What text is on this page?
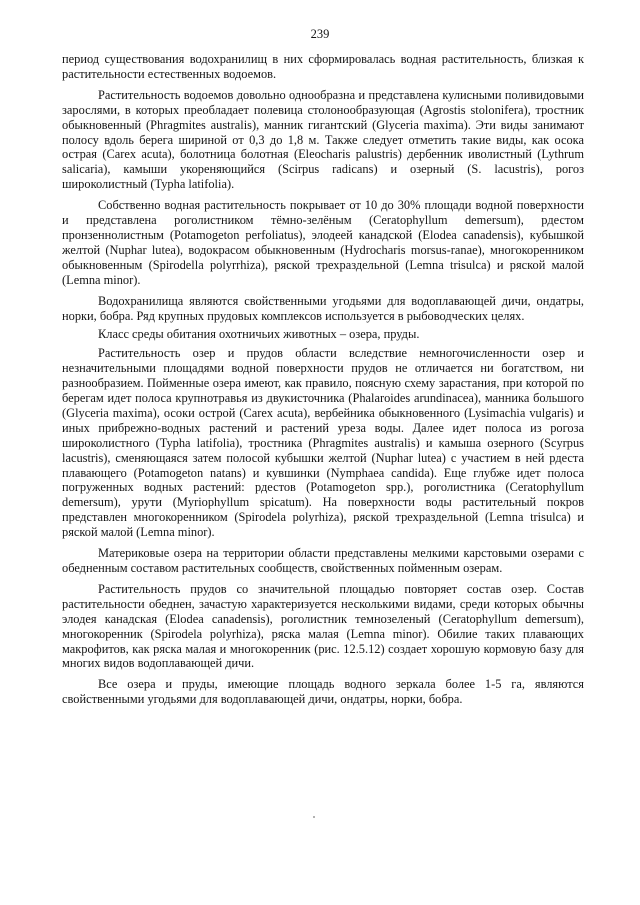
239

период существования водохранилищ в них сформировалась водная растительность, близкая к растительности естественных водоемов.

Растительность водоемов довольно однообразна и представлена кулисными поливидовыми зарослями, в которых преобладает полевица столонообразующая (Agrostis stolonifera), тростник обыкновенный (Phragmites australis), манник гигантский (Glyceria maxima). Эти виды занимают полосу вдоль берега шириной от 0,3 до 1,8 м. Также следует отметить такие виды, как осока острая (Carex acuta), болотница болотная (Eleocharis palustris) дербенник иволистный (Lythrum salicaria), камыши укореняющийся (Scirpus radicans) и озерный (S. lacustris), рогоз широколистный (Typha latifolia).

Собственно водная растительность покрывает от 10 до 30% площади водной поверхности и представлена роголистником тёмно-зелёным (Ceratophyllum demersum), рдестом пронзеннолистным (Potamogeton perfoliatus), элодеей канадской (Elodea canadensis), кубышкой желтой (Nuphar lutea), водокрасом обыкновенным (Hydrocharis morsus-ranae), многокоренником обыкновенным (Spirodella polyrrhiza), ряской трехраздельной (Lemna trisulca) и ряской малой (Lemna minor).

Водохранилища являются свойственными угодьями для водоплавающей дичи, ондатры, норки, бобра. Ряд крупных прудовых комплексов используется в рыбоводческих целях.

Класс среды обитания охотничьих животных – озера, пруды.

Растительность озер и прудов области вследствие немногочисленности озер и незначительными площадями водной поверхности прудов не отличается ни богатством, ни разнообразием. Пойменные озера имеют, как правило, поясную схему зарастания, при которой по берегам идет полоса крупнотравья из двукисточника (Phalaroides arundinacea), манника большого (Glyceria maxima), осоки острой (Carex acuta), вербейника обыкновенного (Lysimachia vulgaris) и иных прибрежно-водных растений и растений уреза воды. Далее идет полоса из рогоза широколистного (Typha latifolia), тростника (Phragmites australis) и камыша озерного (Scyrpus lacustris), сменяющаяся затем полосой кубышки желтой (Nuphar lutea) с участием в ней рдеста плавающего (Potamogeton natans) и кувшинки (Nymphaea candida). Еще глубже идет полоса погруженных водных растений: рдестов (Potamogeton spp.), роголистника (Ceratophyllum demersum), урути (Myriophyllum spicatum). На поверхности воды растительный покров представлен многокоренником (Spirodela polyrhiza), ряской трехраздельной (Lemna trisulca) и ряской малой (Lemna minor).

Материковые озера на территории области представлены мелкими карстовыми озерами с обедненным составом растительных сообществ, свойственных пойменным озерам.

Растительность прудов со значительной площадью повторяет состав озер. Состав растительности обеднен, зачастую характеризуется несколькими видами, среди которых обычны элодея канадская (Elodea canadensis), роголистник темнозеленый (Ceratophyllum demersum), многокоренник (Spirodela polyrhiza), ряска малая (Lemna minor). Обилие таких плавающих макрофитов, как ряска малая и многокоренник (рис. 12.5.12) создает хорошую кормовую базу для многих видов водоплавающей дичи.

Все озера и пруды, имеющие площадь водного зеркала более 1-5 га, являются свойственными угодьями для водоплавающей дичи, ондатры, норки, бобра.
